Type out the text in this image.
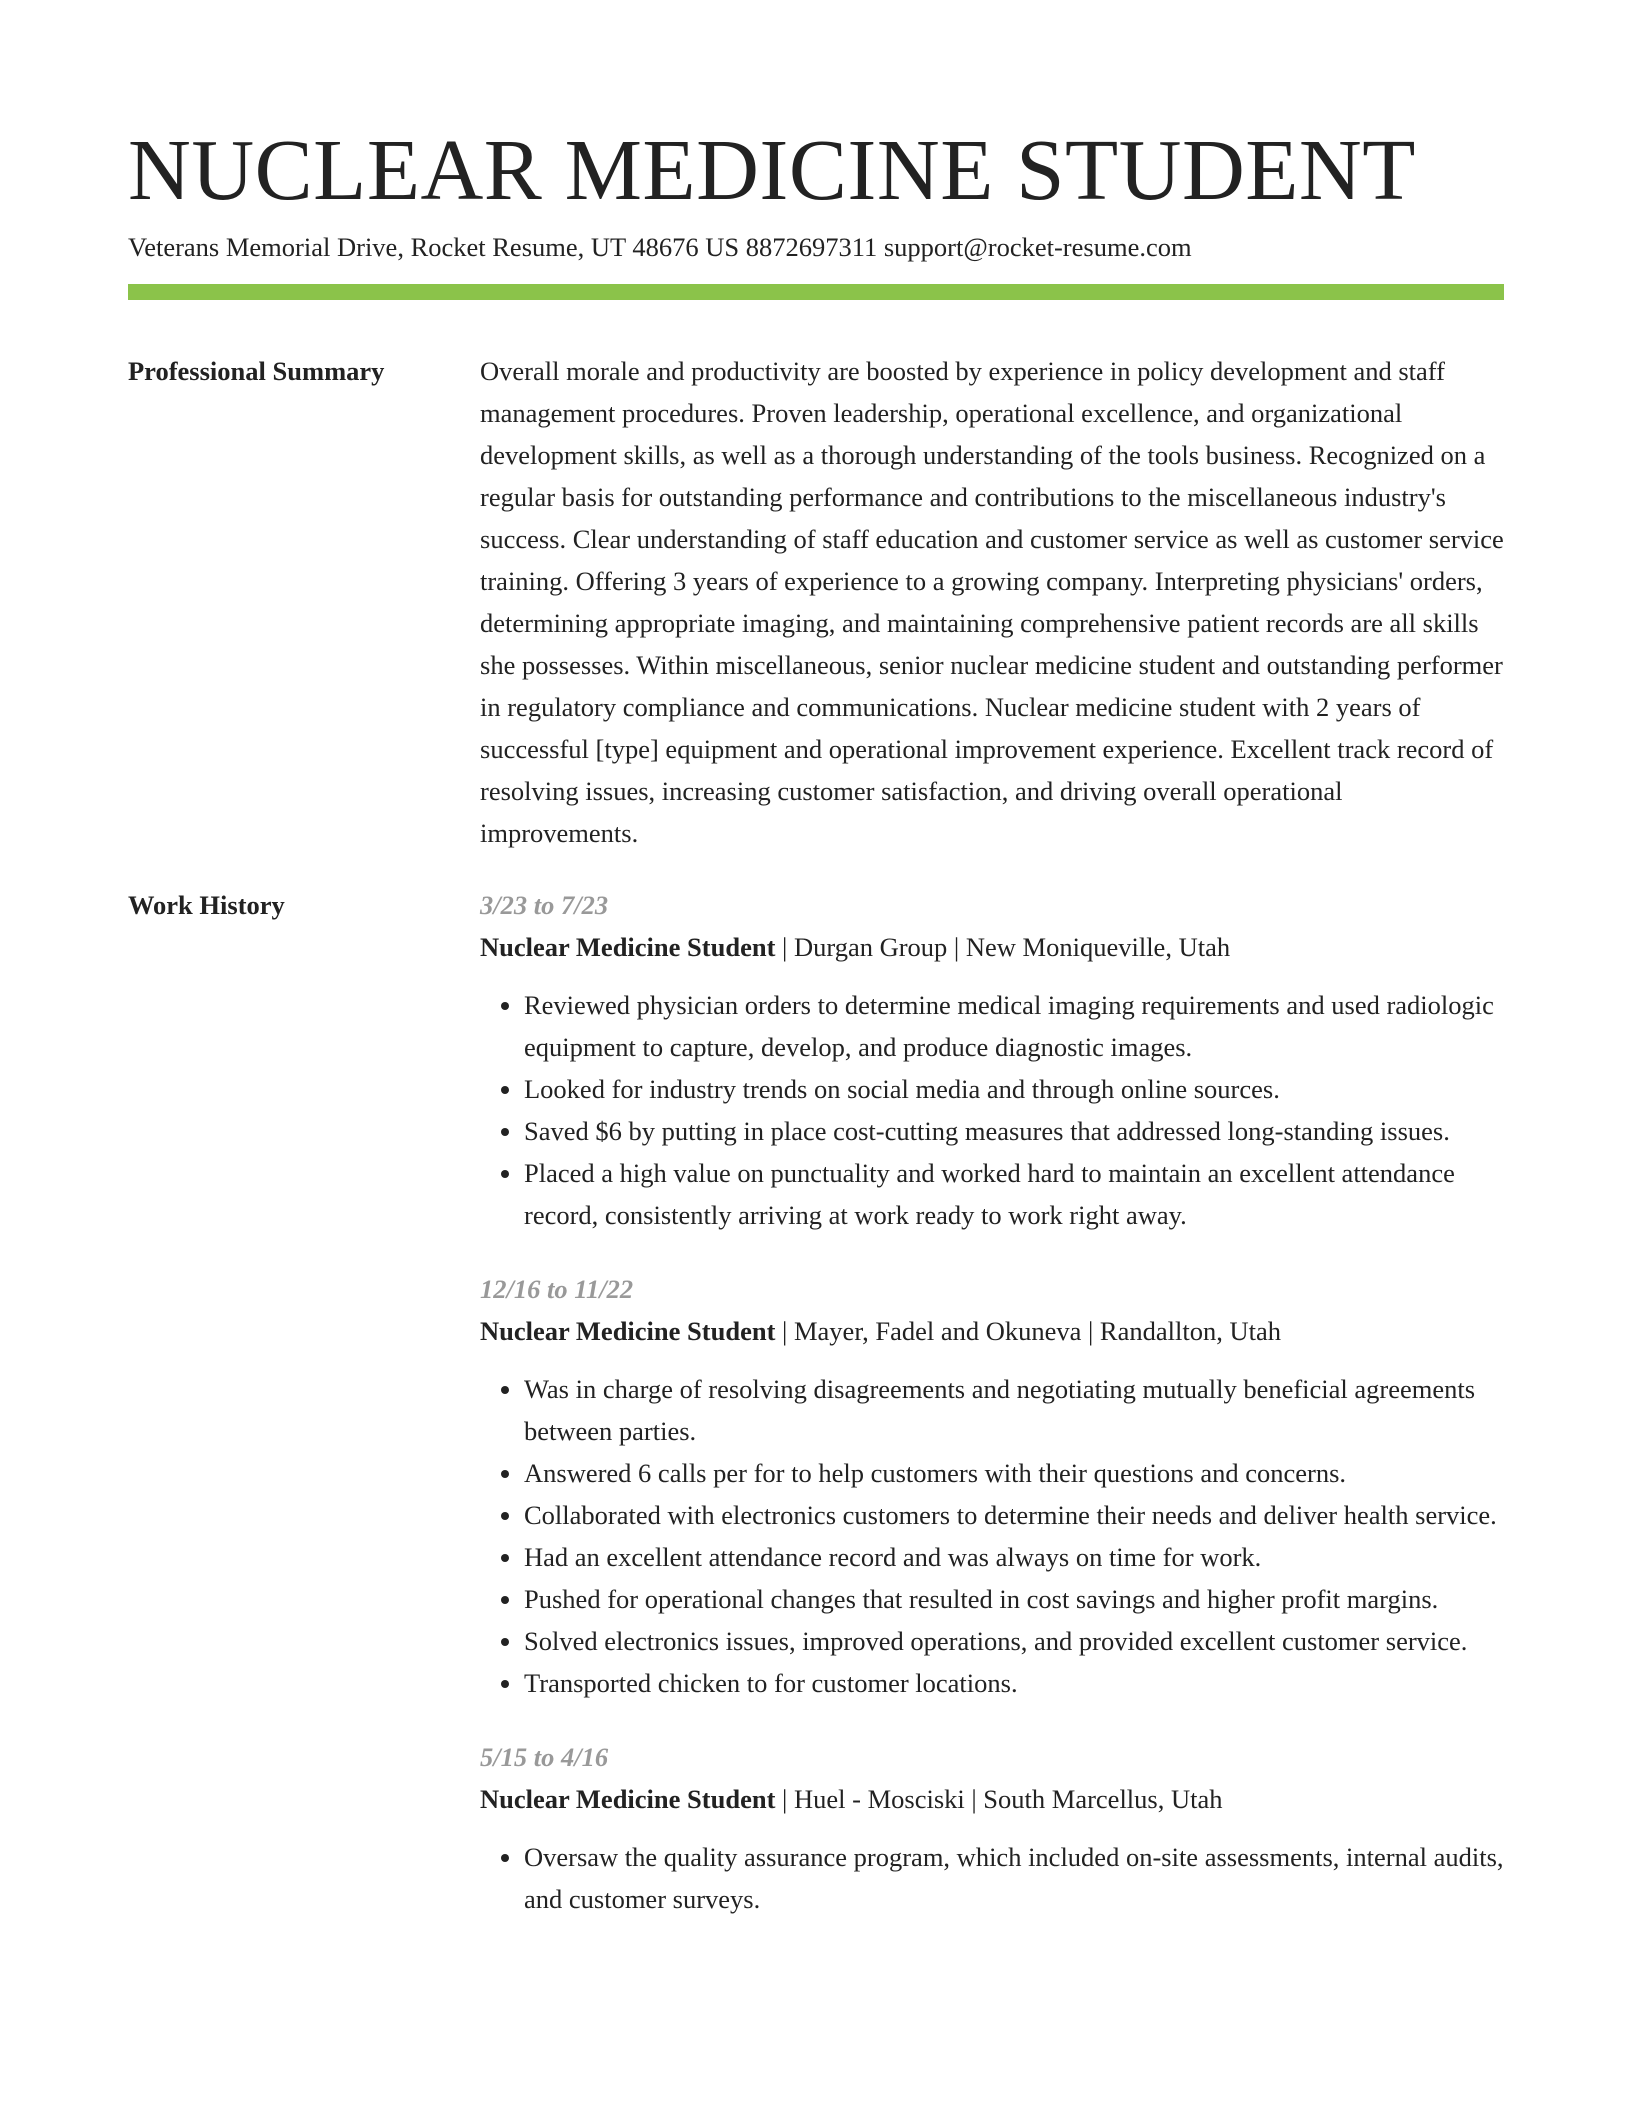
NUCLEAR MEDICINE STUDENT
Veterans Memorial Drive, Rocket Resume, UT 48676 US 8872697311 support@rocket-resume.com
Professional Summary	Overall morale and productivity are boosted by experience in policy development and staff management procedures. Proven leadership, operational excellence, and organizational development skills, as well as a thorough understanding of the tools business. Recognized on a regular basis for outstanding performance and contributions to the miscellaneous industry's success. Clear understanding of staff education and customer service as well as customer service training. Offering 3 years of experience to a growing company. Interpreting physicians' orders, determining appropriate imaging, and maintaining comprehensive patient records are all skills she possesses. Within miscellaneous, senior nuclear medicine student and outstanding performer in regulatory compliance and communications. Nuclear medicine student with 2 years of successful [type] equipment and operational improvement experience. Excellent track record of resolving issues, increasing customer satisfaction, and driving overall operational improvements.

Work History	3/23 to 7/23
Nuclear Medicine Student | Durgan Group | New Moniqueville, Utah
• Reviewed physician orders to determine medical imaging requirements and used radiologic equipment to capture, develop, and produce diagnostic images.
• Looked for industry trends on social media and through online sources.
• Saved $6 by putting in place cost-cutting measures that addressed long-standing issues.
• Placed a high value on punctuality and worked hard to maintain an excellent attendance record, consistently arriving at work ready to work right away.
12/16 to 11/22
Nuclear Medicine Student | Mayer, Fadel and Okuneva | Randallton, Utah
• Was in charge of resolving disagreements and negotiating mutually beneficial agreements between parties.
• Answered 6 calls per for to help customers with their questions and concerns.
• Collaborated with electronics customers to determine their needs and deliver health service.
• Had an excellent attendance record and was always on time for work.
• Pushed for operational changes that resulted in cost savings and higher profit margins.
• Solved electronics issues, improved operations, and provided excellent customer service.
• Transported chicken to for customer locations.
5/15 to 4/16
Nuclear Medicine Student | Huel - Mosciski | South Marcellus, Utah
• Oversaw the quality assurance program, which included on-site assessments, internal audits, and customer surveys.
